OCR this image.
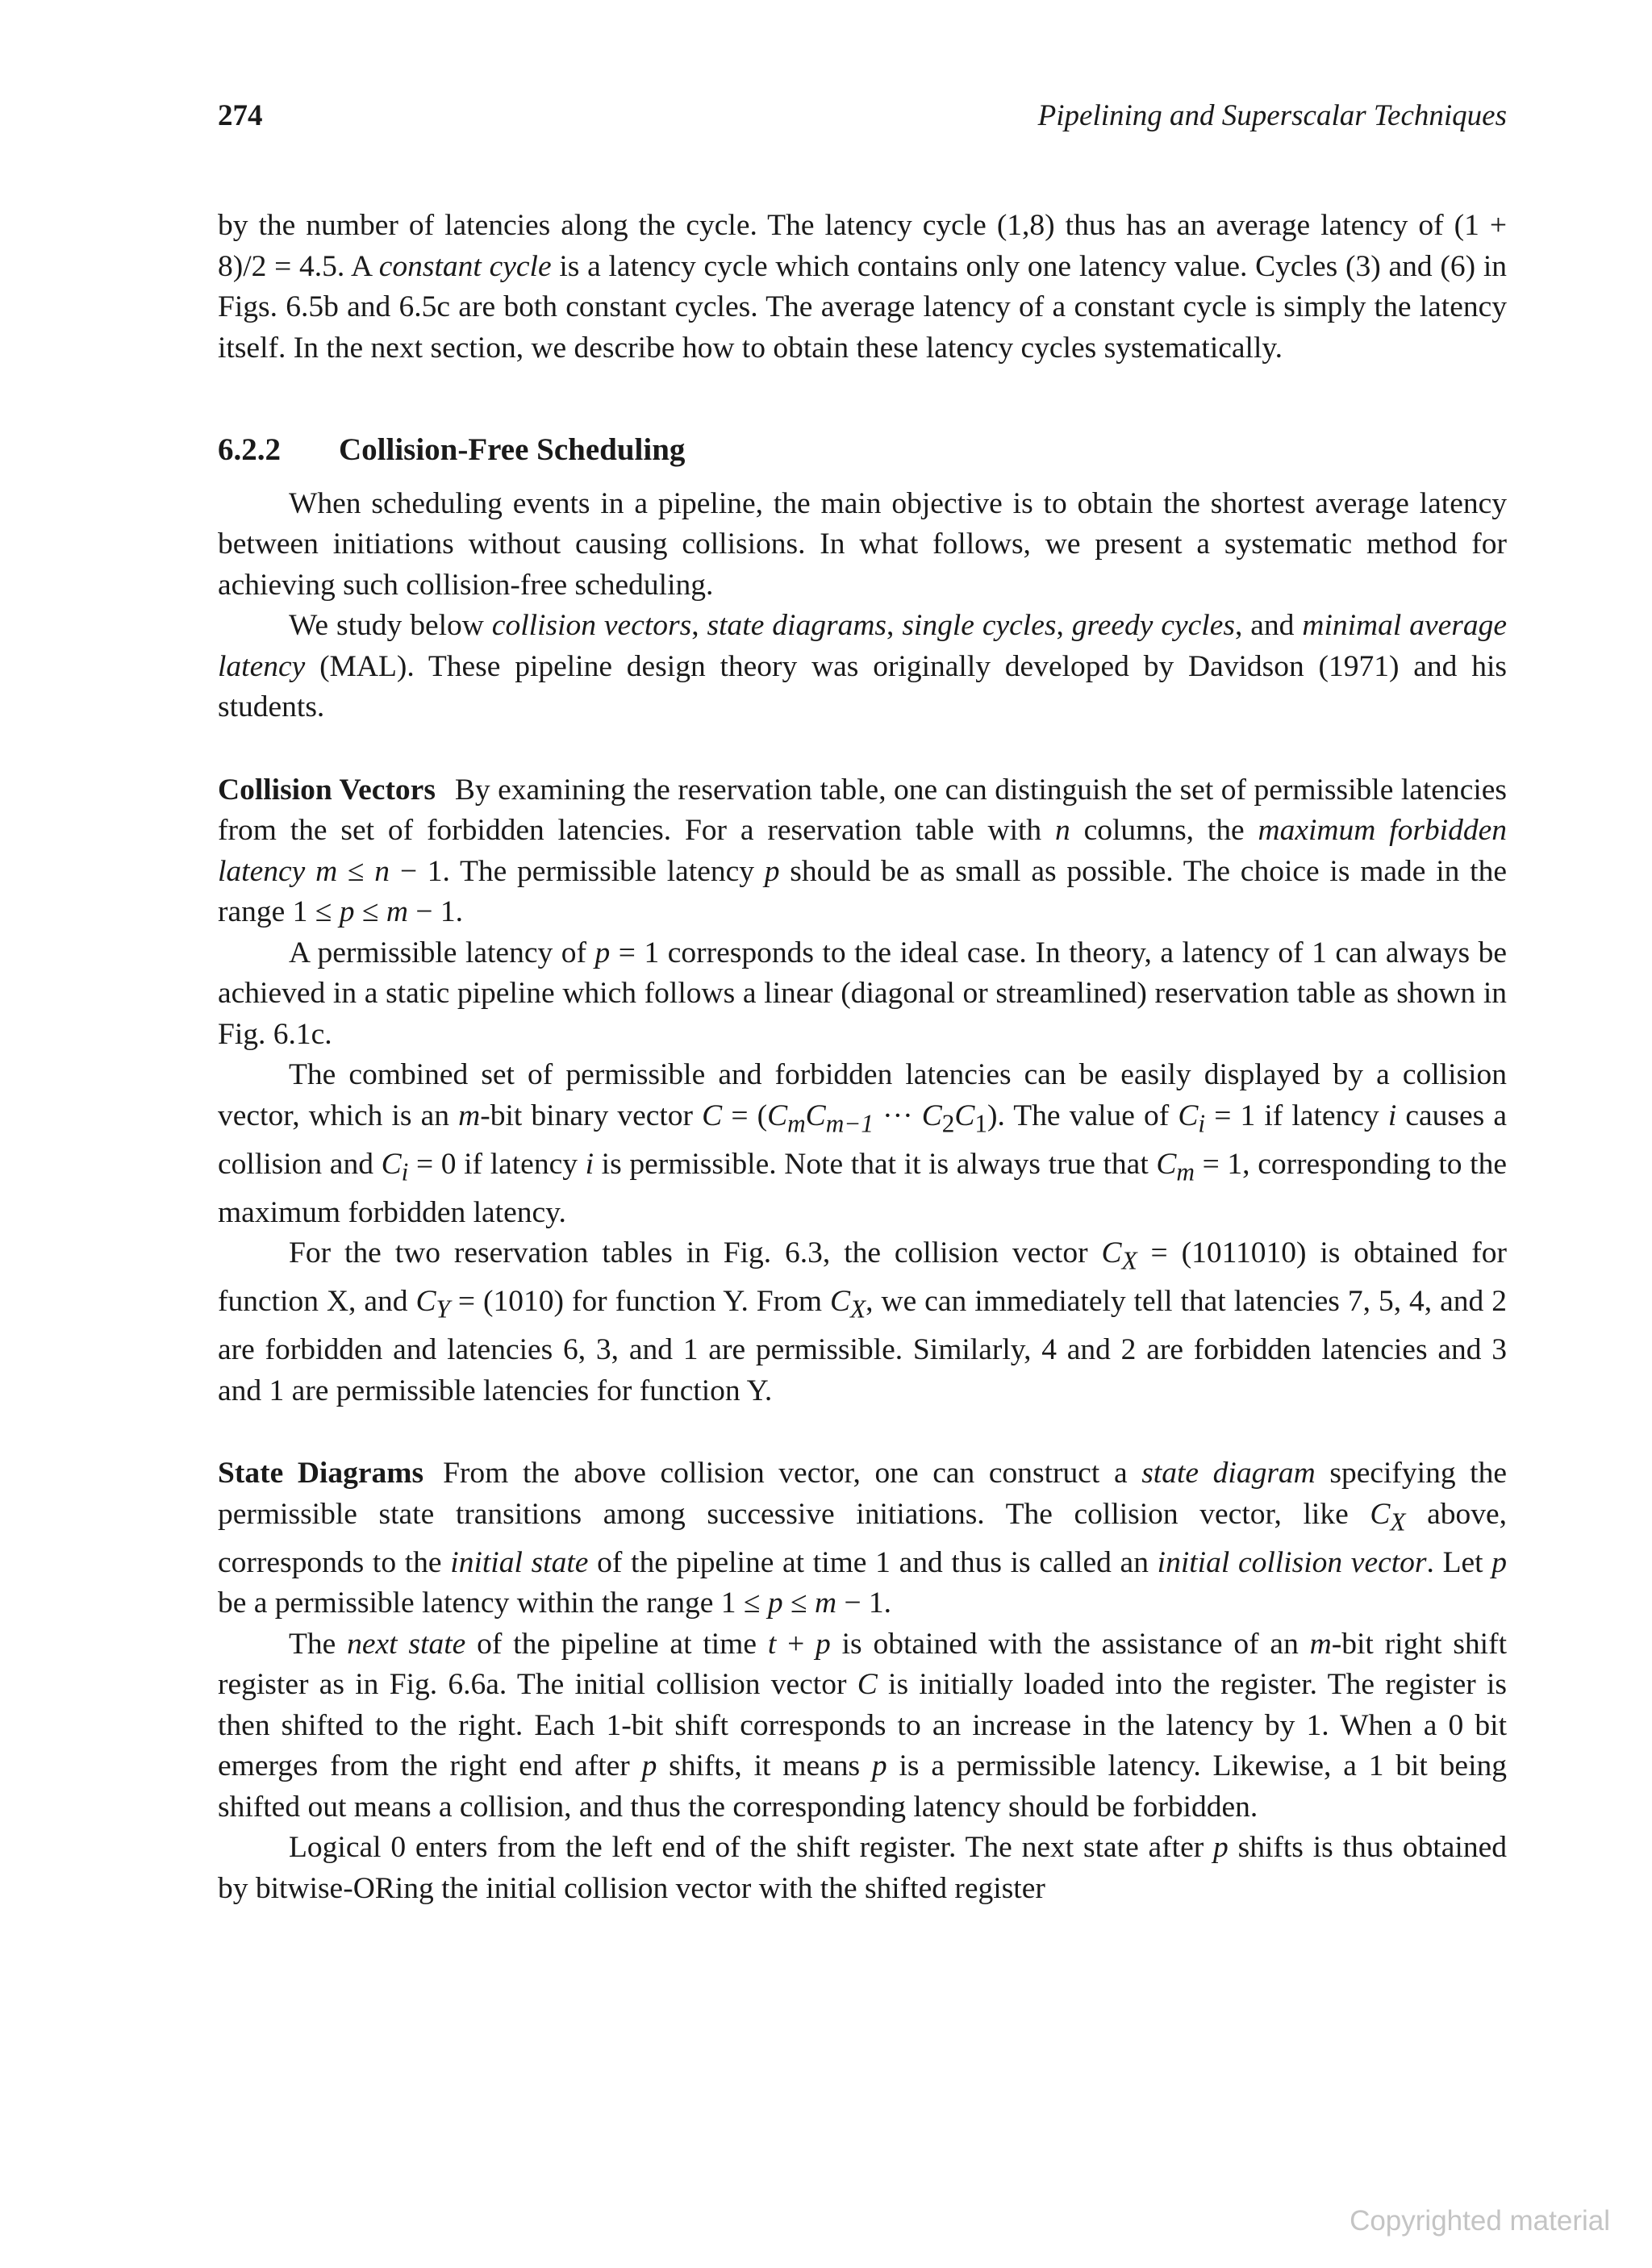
274	Pipelining and Superscalar Techniques

by the number of latencies along the cycle. The latency cycle (1,8) thus has an average latency of (1 + 8)/2 = 4.5. A constant cycle is a latency cycle which contains only one latency value. Cycles (3) and (6) in Figs. 6.5b and 6.5c are both constant cycles. The average latency of a constant cycle is simply the latency itself. In the next section, we describe how to obtain these latency cycles systematically.

6.2.2 Collision-Free Scheduling

When scheduling events in a pipeline, the main objective is to obtain the shortest average latency between initiations without causing collisions. In what follows, we present a systematic method for achieving such collision-free scheduling.

We study below collision vectors, state diagrams, single cycles, greedy cycles, and minimal average latency (MAL). These pipeline design theory was originally developed by Davidson (1971) and his students.

Collision Vectors By examining the reservation table, one can distinguish the set of permissible latencies from the set of forbidden latencies. For a reservation table with n columns, the maximum forbidden latency m ≤ n − 1. The permissible latency p should be as small as possible. The choice is made in the range 1 ≤ p ≤ m − 1.

A permissible latency of p = 1 corresponds to the ideal case. In theory, a latency of 1 can always be achieved in a static pipeline which follows a linear (diagonal or streamlined) reservation table as shown in Fig. 6.1c.

The combined set of permissible and forbidden latencies can be easily displayed by a collision vector, which is an m-bit binary vector $C = (C_mC_{m-1}$ ··· $C_2C_1$). The value of $C_i = 1$ if latency i causes a collision and $C_i = 0$ if latency i is permissible. Note that it is always true that $C_m = 1$, corresponding to the maximum forbidden latency.

For the two reservation tables in Fig. 6.3, the collision vector $C_X = (1011010)$ is obtained for function X, and $C_Y = (1010)$ for function Y. From $C_X$, we can immediately tell that latencies 7, 5, 4, and 2 are forbidden and latencies 6, 3, and 1 are permissible. Similarly, 4 and 2 are forbidden latencies and 3 and 1 are permissible latencies for function Y.

State Diagrams From the above collision vector, one can construct a state diagram specifying the permissible state transitions among successive initiations. The collision vector, like $C_X$ above, corresponds to the initial state of the pipeline at time 1 and thus is called an initial collision vector. Let p be a permissible latency within the range 1 ≤ p ≤ m − 1.

The next state of the pipeline at time t + p is obtained with the assistance of an m-bit right shift register as in Fig. 6.6a. The initial collision vector C is initially loaded into the register. The register is then shifted to the right. Each 1-bit shift corresponds to an increase in the latency by 1. When a 0 bit emerges from the right end after p shifts, it means p is a permissible latency. Likewise, a 1 bit being shifted out means a collision, and thus the corresponding latency should be forbidden.

Logical 0 enters from the left end of the shift register. The next state after p shifts is thus obtained by bitwise-ORing the initial collision vector with the shifted register

Copyrighted material
